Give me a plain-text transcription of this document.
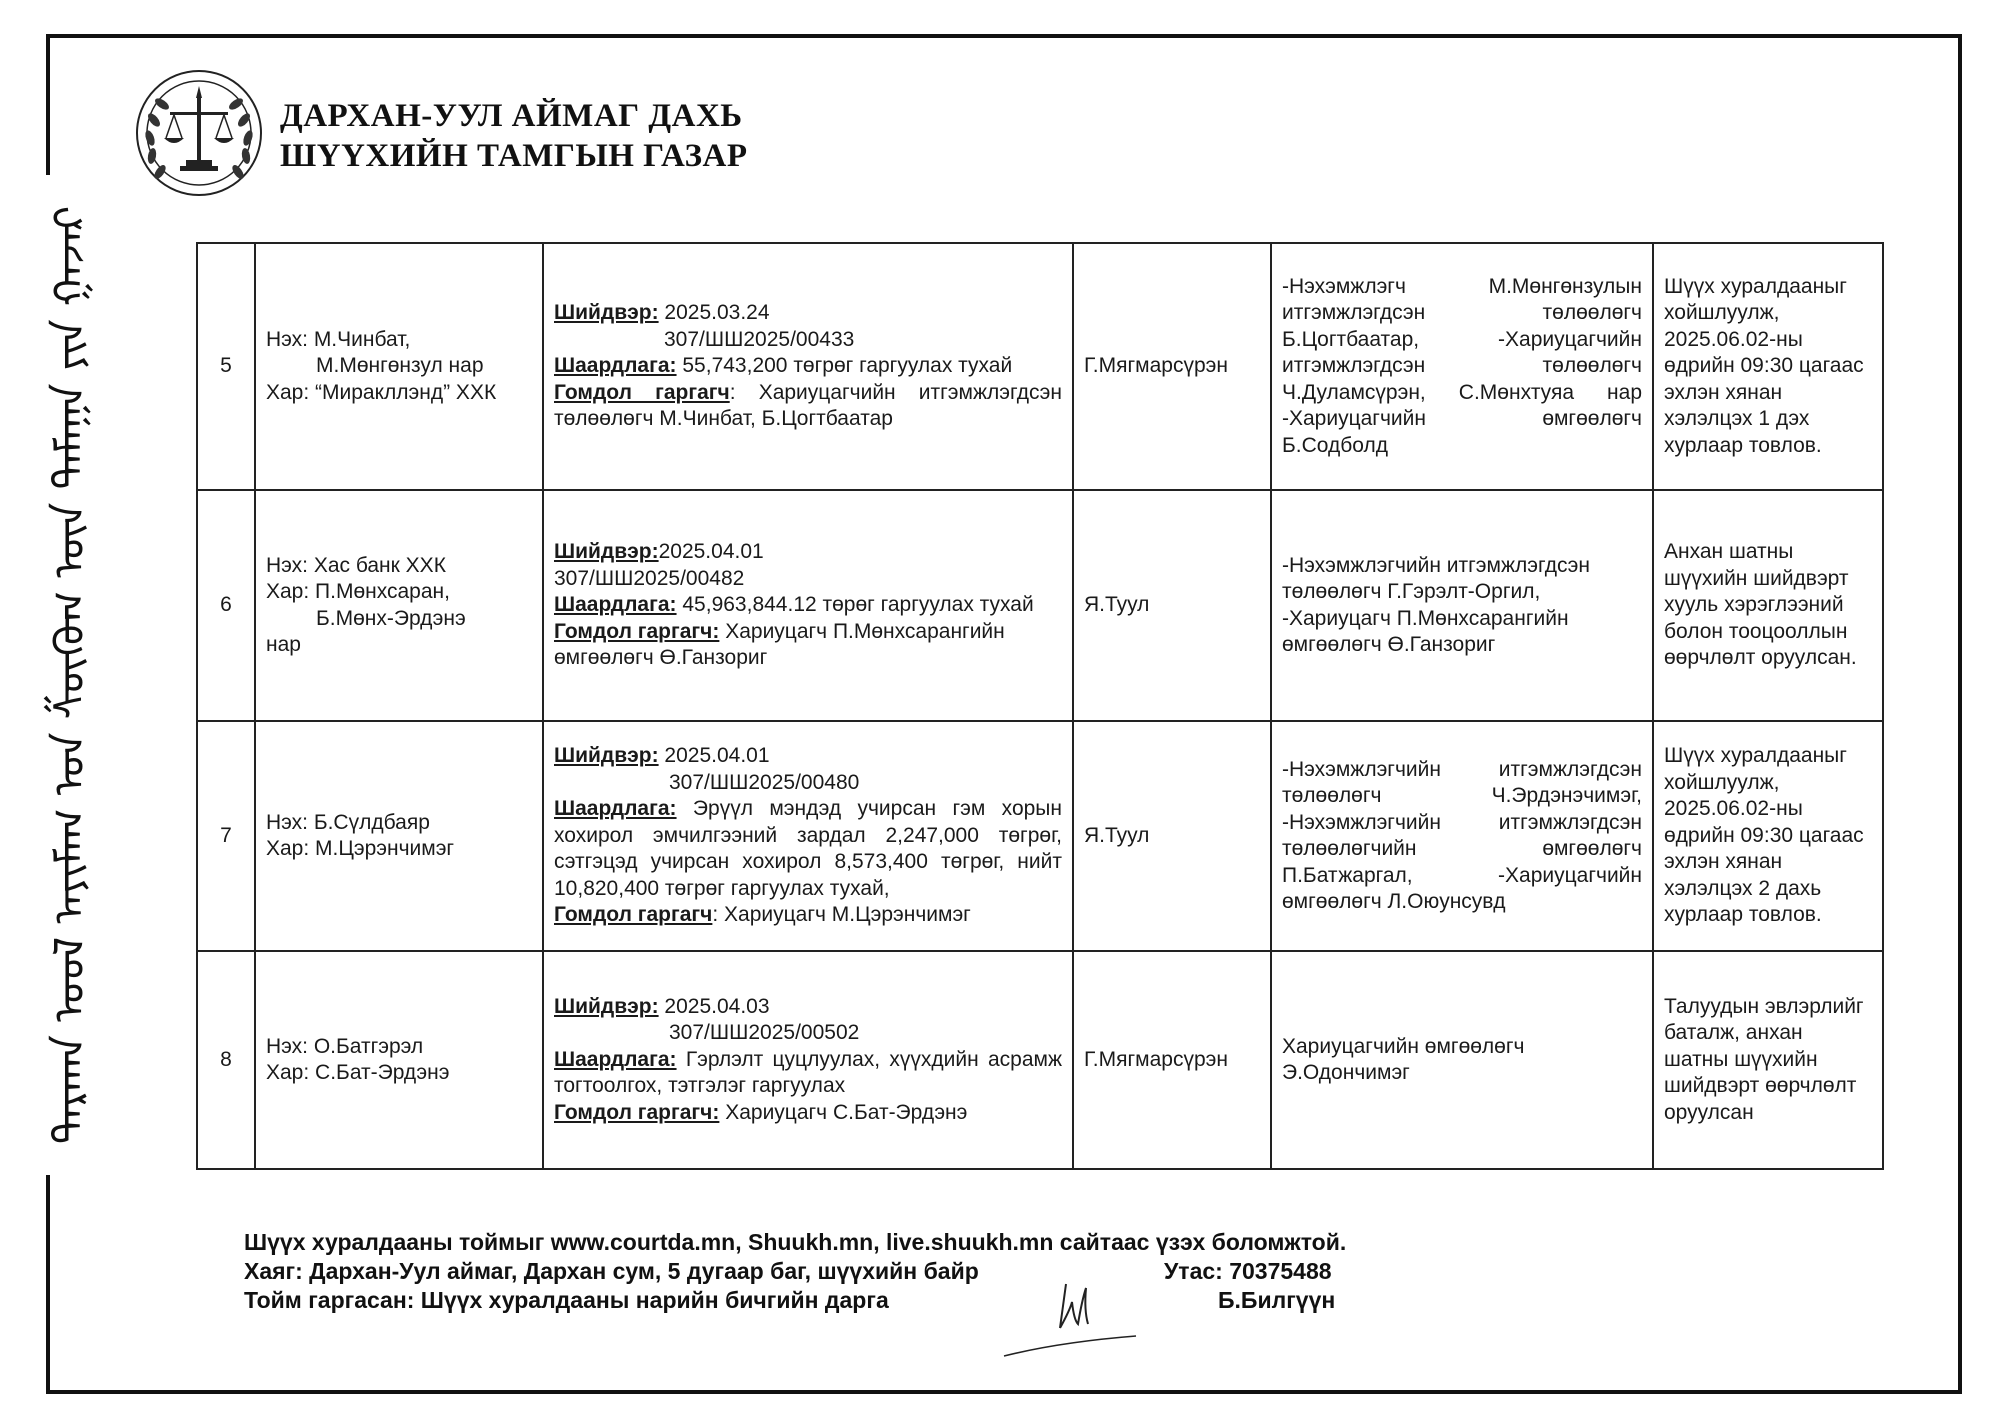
ᠳᠠᠷᠬᠠᠨ ᠤᠤᠯ ᠠᠶᠢᠮᠠᠭ ᠤᠨ ᠱᠦᠭᠦᠬ ᠦᠨ ᠲᠠᠮᠠᠭᠠ ᠶᠢᠨ ᠭᠠᠵᠠᠷ
ДАРХАН-УУЛ АЙМАГ ДАХЬ
ШҮҮХИЙН ТАМГЫН ГАЗАР
5	Нэх: М.Чинбат,
М.Мөнгөнзул нар
Хар: “Миракллэнд” ХХК	Шийдвэр: 2025.03.24
307/ШШ2025/00433
Шаардлага: 55,743,200 төгрөг гаргуулах тухай
Гомдол гаргагч: Хариуцагчийн итгэмжлэгдсэн төлөөлөгч М.Чинбат, Б.Цогтбаатар	Г.Мягмарсүрэн	-Нэхэмжлэгч М.Мөнгөнзулын итгэмжлэгдсэн төлөөлөгч Б.Цогтбаатар, -Хариуцагчийн итгэмжлэгдсэн төлөөлөгч Ч.Дуламсүрэн, С.Мөнхтуяа нар -Хариуцагчийн өмгөөлөгч Б.Содболд	Шүүх хуралдааныг хойшлуулж, 2025.06.02-ны өдрийн 09:30 цагаас эхлэн хянан хэлэлцэх 1 дэх хурлаар товлов.
6	Нэх: Хас банк ХХК
Хар: П.Мөнхсаран,
Б.Мөнх-Эрдэнэ
нар	Шийдвэр:2025.04.01
307/ШШ2025/00482
Шаардлага: 45,963,844.12 төрөг гаргуулах тухай
Гомдол гаргагч: Хариуцагч П.Мөнхсарангийн өмгөөлөгч Ө.Ганзориг	Я.Туул	-Нэхэмжлэгчийн итгэмжлэгдсэн төлөөлөгч Г.Гэрэлт-Оргил, -Хариуцагч П.Мөнхсарангийн өмгөөлөгч Ө.Ганзориг	Анхан шатны шүүхийн шийдвэрт хууль хэрэглээний болон тооцооллын өөрчлөлт оруулсан.
7	Нэх: Б.Сүлдбаяр
Хар: М.Цэрэнчимэг	Шийдвэр: 2025.04.01
307/ШШ2025/00480
Шаардлага: Эрүүл мэндэд учирсан гэм хорын хохирол эмчилгээний зардал 2,247,000 төгрөг, сэтгэцэд учирсан хохирол 8,573,400 төгрөг, нийт 10,820,400 төгрөг гаргуулах тухай,
Гомдол гаргагч: Хариуцагч М.Цэрэнчимэг	Я.Туул	-Нэхэмжлэгчийн итгэмжлэгдсэн төлөөлөгч Ч.Эрдэнэчимэг, -Нэхэмжлэгчийн итгэмжлэгдсэн төлөөлөгчийн өмгөөлөгч П.Батжаргал, -Хариуцагчийн өмгөөлөгч Л.Оюунсувд	Шүүх хуралдааныг хойшлуулж, 2025.06.02-ны өдрийн 09:30 цагаас эхлэн хянан хэлэлцэх 2 дахь хурлаар товлов.
8	Нэх: О.Батгэрэл
Хар: С.Бат-Эрдэнэ	Шийдвэр: 2025.04.03
307/ШШ2025/00502
Шаардлага: Гэрлэлт цуцлуулах, хүүхдийн асрамж тогтоолгох, тэтгэлэг гаргуулах
Гомдол гаргагч: Хариуцагч С.Бат-Эрдэнэ	Г.Мягмарсүрэн	Хариуцагчийн өмгөөлөгч Э.Одончимэг	Талуудын эвлэрлийг баталж, анхан шатны шүүхийн шийдвэрт өөрчлөлт оруулсан
Шүүх хуралдааны тоймыг www.courtda.mn, Shuukh.mn, live.shuukh.mn сайтаас үзэх боломжтой.
Хаяг: Дархан-Уул аймаг, Дархан сум, 5 дугаар баг, шүүхийн байр	Утас: 70375488
Тойм гаргасан: Шүүх хуралдааны нарийн бичгийн дарга	Б.Билгүүн
